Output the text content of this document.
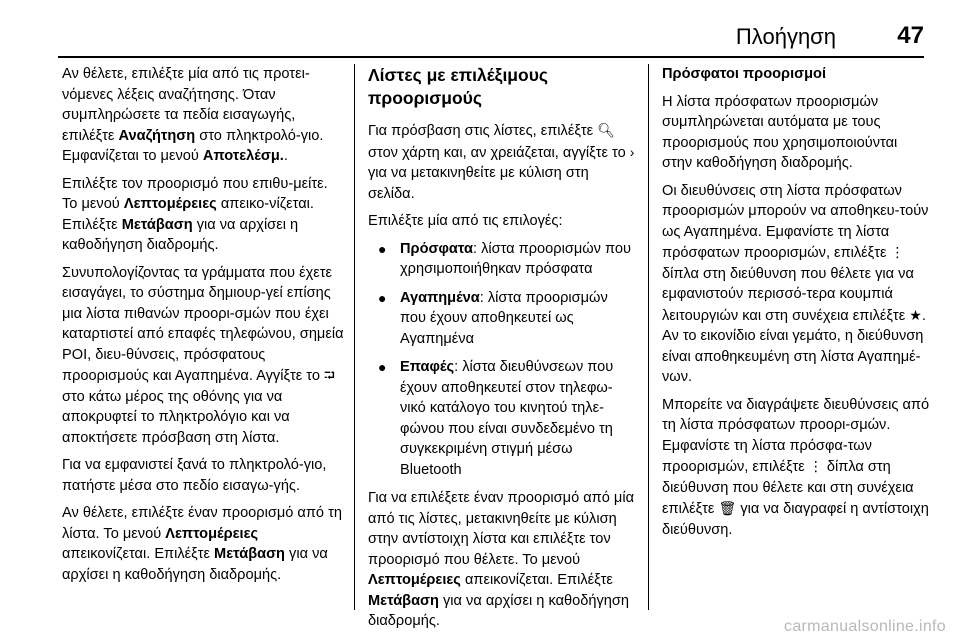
Πλοήγηση	47

Αν θέλετε, επιλέξτε μία από τις προτει-νόμενες λέξεις αναζήτησης. Όταν συμπληρώσετε τα πεδία εισαγωγής, επιλέξτε Αναζήτηση στο πληκτρολό-γιο. Εμφανίζεται το μενού Αποτελέσμ..

Επιλέξτε τον προορισμό που επιθυ-μείτε. Το μενού Λεπτομέρειες απεικο-νίζεται. Επιλέξτε Μετάβαση για να αρχίσει η καθοδήγηση διαδρομής.

Συνυπολογίζοντας τα γράμματα που έχετε εισαγάγει, το σύστημα δημιουρ-γεί επίσης μια λίστα πιθανών προορι-σμών που έχει καταρτιστεί από επαφές τηλεφώνου, σημεία POI, διευ-θύνσεις, πρόσφατους προορισμούς και Αγαπημένα. Αγγίξτε το ⮒ στο κάτω μέρος της οθόνης για να αποκρυφτεί το πληκτρολόγιο και να αποκτήσετε πρόσβαση στη λίστα.

Για να εμφανιστεί ξανά το πληκτρολό-γιο, πατήστε μέσα στο πεδίο εισαγω-γής.

Αν θέλετε, επιλέξτε έναν προορισμό από τη λίστα. Το μενού Λεπτομέρειες απεικονίζεται. Επιλέξτε Μετάβαση για να αρχίσει η καθοδήγηση διαδρομής.

Λίστες με επιλέξιμους προορισμούς

Για πρόσβαση στις λίστες, επιλέξτε 🔍︎ στον χάρτη και, αν χρειάζεται, αγγίξτε το › για να μετακινηθείτε με κύλιση στη σελίδα.

Επιλέξτε μία από τις επιλογές:

● Πρόσφατα: λίστα προορισμών που χρησιμοποιήθηκαν πρόσφατα
● Αγαπημένα: λίστα προορισμών που έχουν αποθηκευτεί ως Αγαπημένα
● Επαφές: λίστα διευθύνσεων που έχουν αποθηκευτεί στον τηλεφω-νικό κατάλογο του κινητού τηλε-φώνου που είναι συνδεδεμένο τη συγκεκριμένη στιγμή μέσω Bluetooth

Για να επιλέξετε έναν προορισμό από μία από τις λίστες, μετακινηθείτε με κύλιση στην αντίστοιχη λίστα και επιλέξτε τον προορισμό που θέλετε. Το μενού Λεπτομέρειες απεικονίζεται. Επιλέξτε Μετάβαση για να αρχίσει η καθοδήγηση διαδρομής.

Πρόσφατοι προορισμοί

Η λίστα πρόσφατων προορισμών συμπληρώνεται αυτόματα με τους προορισμούς που χρησιμοποιούνται στην καθοδήγηση διαδρομής.

Οι διευθύνσεις στη λίστα πρόσφατων προορισμών μπορούν να αποθηκευ-τούν ως Αγαπημένα. Εμφανίστε τη λίστα πρόσφατων προορισμών, επιλέξτε ⋮ δίπλα στη διεύθυνση που θέλετε για να εμφανιστούν περισσό-τερα κουμπιά λειτουργιών και στη συνέχεια επιλέξτε ★. Αν το εικονίδιο είναι γεμάτο, η διεύθυνση είναι αποθηκευμένη στη λίστα Αγαπημέ-νων.

Μπορείτε να διαγράψετε διευθύνσεις από τη λίστα πρόσφατων προορι-σμών. Εμφανίστε τη λίστα πρόσφα-των προορισμών, επιλέξτε ⋮ δίπλα στη διεύθυνση που θέλετε και στη συνέχεια επιλέξτε 🗑︎ για να διαγραφεί η αντίστοιχη διεύθυνση.

carmanualsonline.info
